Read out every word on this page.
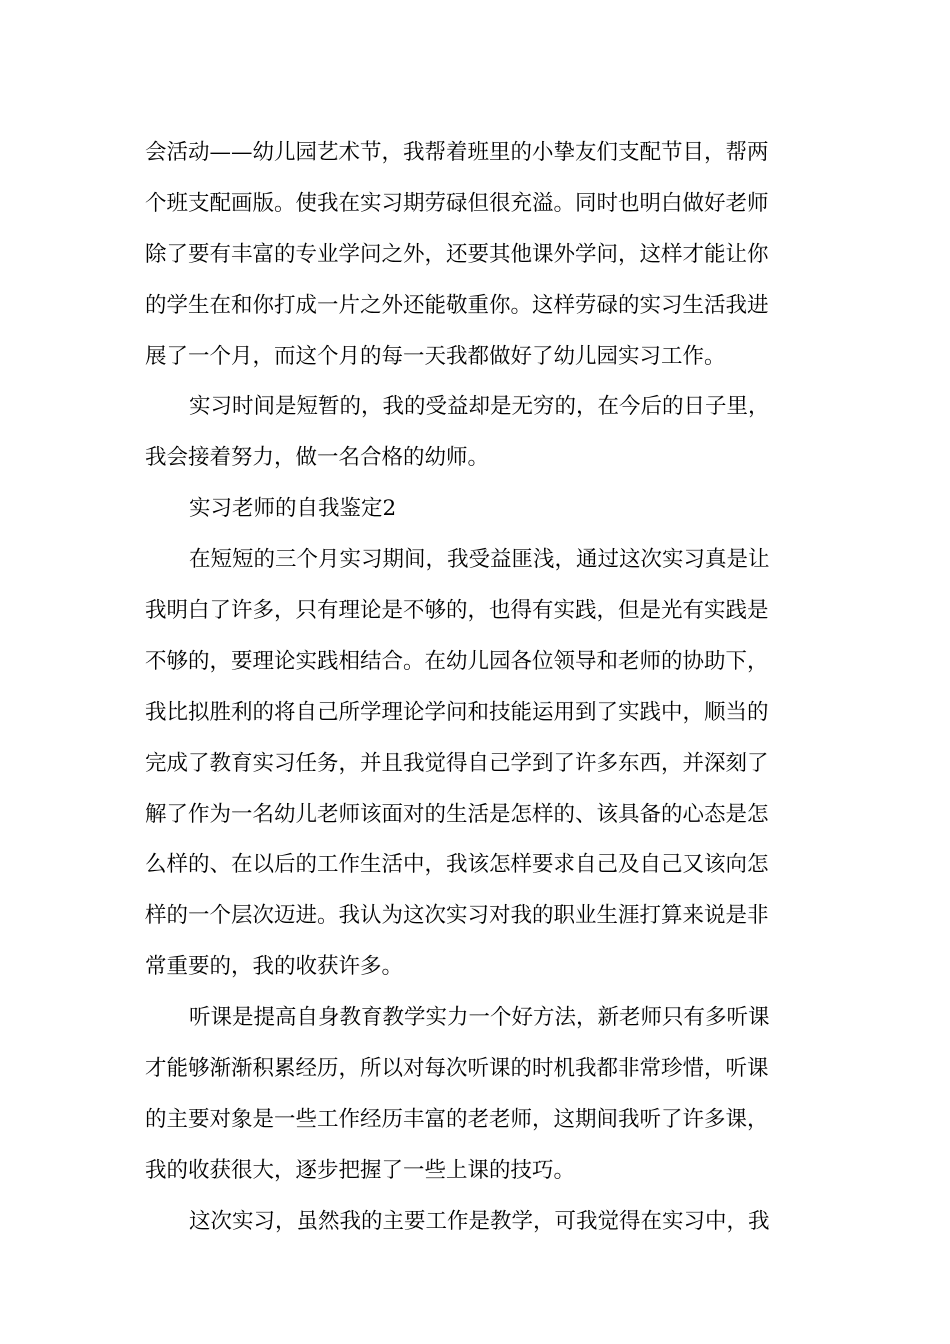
会活动——幼儿园艺术节，我帮着班里的小挚友们支配节目，帮两
个班支配画版。使我在实习期劳碌但很充溢。同时也明白做好老师
除了要有丰富的专业学问之外，还要其他课外学问，这样才能让你
的学生在和你打成一片之外还能敬重你。这样劳碌的实习生活我进
展了一个月，而这个月的每一天我都做好了幼儿园实习工作。
实习时间是短暂的，我的受益却是无穷的，在今后的日子里，
我会接着努力，做一名合格的幼师。
实习老师的自我鉴定2
在短短的三个月实习期间，我受益匪浅，通过这次实习真是让
我明白了许多，只有理论是不够的，也得有实践，但是光有实践是
不够的，要理论实践相结合。在幼儿园各位领导和老师的协助下，
我比拟胜利的将自己所学理论学问和技能运用到了实践中，顺当的
完成了教育实习任务，并且我觉得自己学到了许多东西，并深刻了
解了作为一名幼儿老师该面对的生活是怎样的、该具备的心态是怎
么样的、在以后的工作生活中，我该怎样要求自己及自己又该向怎
样的一个层次迈进。我认为这次实习对我的职业生涯打算来说是非
常重要的，我的收获许多。
听课是提高自身教育教学实力一个好方法，新老师只有多听课
才能够渐渐积累经历，所以对每次听课的时机我都非常珍惜，听课
的主要对象是一些工作经历丰富的老老师，这期间我听了许多课，
我的收获很大，逐步把握了一些上课的技巧。
这次实习，虽然我的主要工作是教学，可我觉得在实习中，我
